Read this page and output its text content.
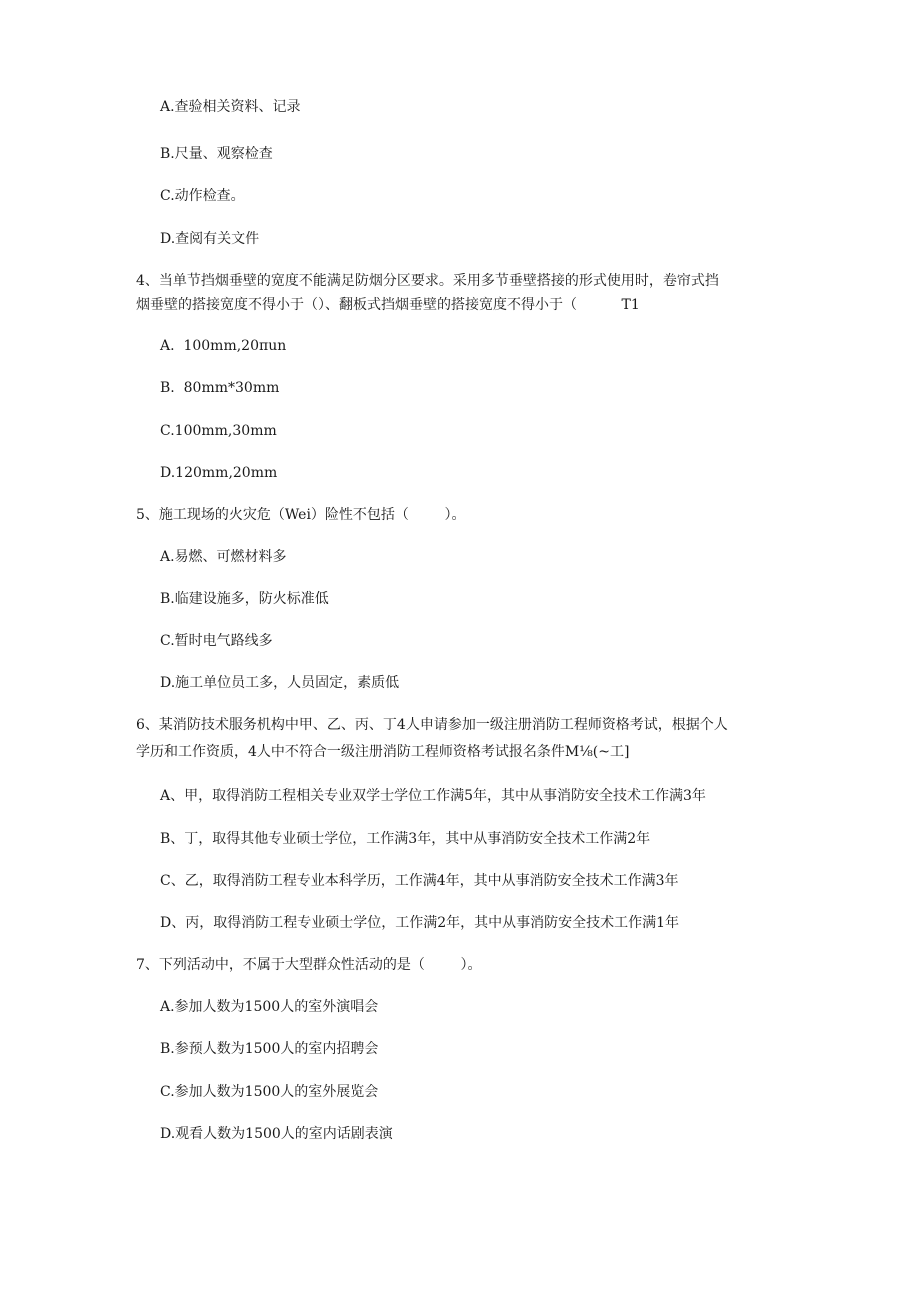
A.查验相关资料、记录
B.尺量、观察检查
C.动作检查。
D.查阅有关文件
4、当单节挡烟垂壁的宽度不能满足防烟分区要求。采用多节垂壁搭接的形式使用时，卷帘式挡
烟垂壁的搭接宽度不得小于（）、翻板式挡烟垂壁的搭接宽度不得小于（          T1
A.  100mm,20πun
B.  80mm*30mm
C.100mm,30mm
D.120mm,20mm
5、施工现场的火灾危（Wei）险性不包括（        ）。
A.易燃、可燃材料多
B.临建设施多，防火标准低
C.暂时电气路线多
D.施工单位员工多，人员固定，素质低
6、某消防技术服务机构中甲、乙、丙、丁4人申请参加一级注册消防工程师资格考试，根据个人
学历和工作资质，4人中不符合一级注册消防工程师资格考试报名条件M⅛(~工]
A、甲，取得消防工程相关专业双学士学位工作满5年，其中从事消防安全技术工作满3年
B、丁，取得其他专业硕士学位，工作满3年，其中从事消防安全技术工作满2年
C、乙，取得消防工程专业本科学历，工作满4年，其中从事消防安全技术工作满3年
D、丙，取得消防工程专业硕士学位，工作满2年，其中从事消防安全技术工作满1年
7、下列活动中，不属于大型群众性活动的是（        ）。
A.参加人数为1500人的室外演唱会
B.参预人数为1500人的室内招聘会
C.参加人数为1500人的室外展览会
D.观看人数为1500人的室内话剧表演
